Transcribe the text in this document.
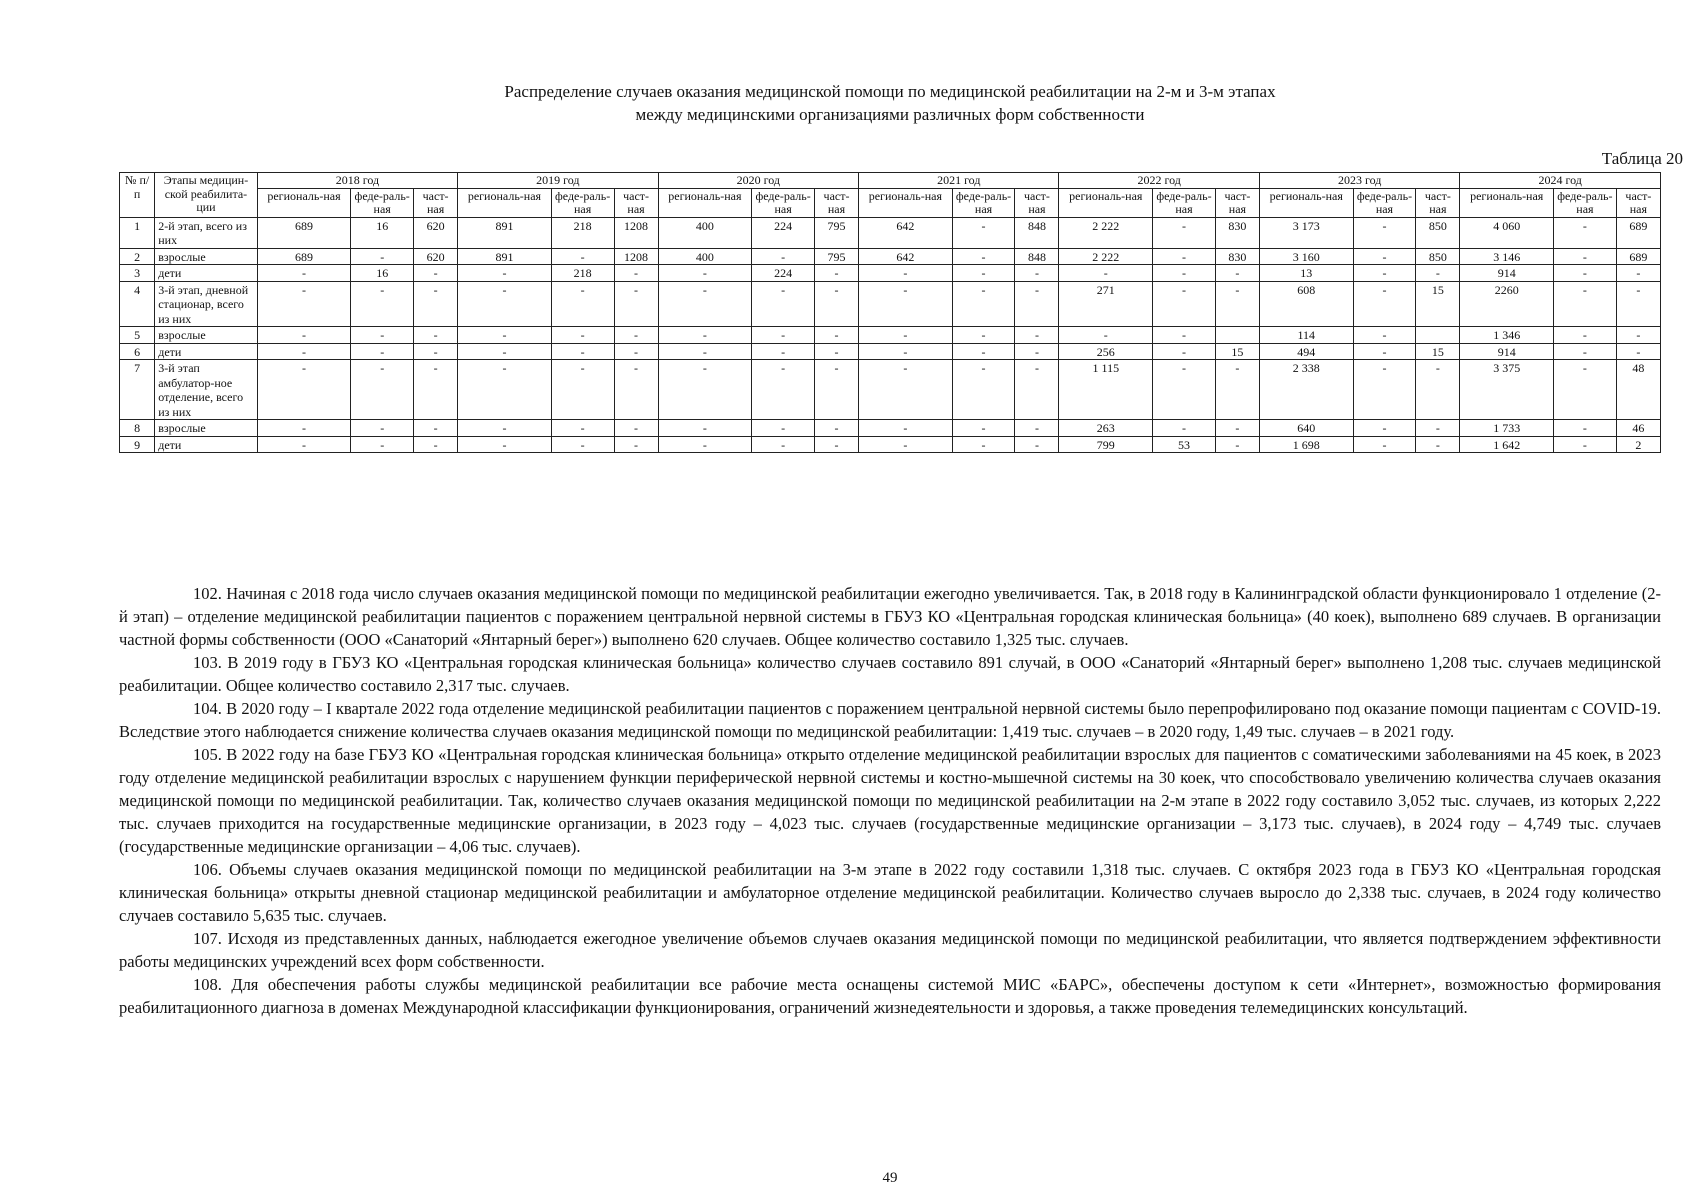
Распределение случаев оказания медицинской помощи по медицинской реабилитации на 2-м и 3-м этапах
между медицинскими организациями различных форм собственности
Таблица 20
№ п/п	Этапы медицин-ской реабилита-ции	2018 год			2019 год			2020 год			2021 год			2022 год			2023 год			2024 год		
		региональ-ная	феде-раль-ная	част-ная	региональ-ная	феде-раль-ная	част-ная	региональ-ная	феде-раль-ная	част-ная	региональ-ная	феде-раль-ная	част-ная	региональ-ная	феде-раль-ная	част-ная	региональ-ная	феде-раль-ная	част-ная	региональ-ная	феде-раль-ная	част-ная
1	2-й этап, всего из них	689	16	620	891	218	1208	400	224	795	642	-	848	2 222	-	830	3 173	-	850	4 060	-	689
2	взрослые	689	-	620	891	-	1208	400	-	795	642	-	848	2 222	-	830	3 160	-	850	3 146	-	689
3	дети	-	16	-	-	218	-	-	224	-	-	-	-	-	-	-	13	-	-	914	-	-
4	3-й этап, дневной стационар, всего из них	-	-	-	-	-	-	-	-	-	-	-	-	271	-	-	608	-	15	2260	-	-
5	взрослые	-	-	-	-	-	-	-	-	-	-	-	-	-	-		114	-		1 346	-	-
6	дети	-	-	-	-	-	-	-	-	-	-	-	-	256	-	15	494	-	15	914	-	-
7	3-й этап амбулатор-ное отделение, всего из них	-	-	-	-	-	-	-	-	-	-	-	-	1 115	-	-	2 338	-	-	3 375	-	48
8	взрослые	-	-	-	-	-	-	-	-	-	-	-	-	263	-	-	640	-	-	1 733	-	46
9	дети	-	-	-	-	-	-	-	-	-	-	-	-	799	53	-	1 698	-	-	1 642	-	2

102. Начиная с 2018 года число случаев оказания медицинской помощи по медицинской реабилитации ежегодно увеличивается. Так, в 2018 году в Калининградской области функционировало 1 отделение (2-й этап) – отделение медицинской реабилитации пациентов с поражением центральной нервной системы в ГБУЗ КО «Центральная городская клиническая больница» (40 коек), выполнено 689 случаев. В организации частной формы собственности (ООО «Санаторий «Янтарный берег») выполнено 620 случаев. Общее количество составило 1,325 тыс. случаев.

103. В 2019 году в ГБУЗ КО «Центральная городская клиническая больница» количество случаев составило 891 случай, в ООО «Санаторий «Янтарный берег» выполнено 1,208 тыс. случаев медицинской реабилитации. Общее количество составило 2,317 тыс. случаев.

104. В 2020 году – I квартале 2022 года отделение медицинской реабилитации пациентов с поражением центральной нервной системы было перепрофилировано под оказание помощи пациентам с COVID-19. Вследствие этого наблюдается снижение количества случаев оказания медицинской помощи по медицинской реабилитации: 1,419 тыс. случаев – в 2020 году, 1,49 тыс. случаев – в 2021 году.

105. В 2022 году на базе ГБУЗ КО «Центральная городская клиническая больница» открыто отделение медицинской реабилитации взрослых для пациентов с соматическими заболеваниями на 45 коек, в 2023 году отделение медицинской реабилитации взрослых с нарушением функции периферической нервной системы и костно-мышечной системы на 30 коек, что способствовало увеличению количества случаев оказания медицинской помощи по медицинской реабилитации. Так, количество случаев оказания медицинской помощи по медицинской реабилитации на 2-м этапе в 2022 году составило 3,052 тыс. случаев, из которых 2,222 тыс. случаев приходится на государственные медицинские организации, в 2023 году – 4,023 тыс. случаев (государственные медицинские организации – 3,173 тыс. случаев), в 2024 году – 4,749 тыс. случаев (государственные медицинские организации – 4,06 тыс. случаев).

106. Объемы случаев оказания медицинской помощи по медицинской реабилитации на 3-м этапе в 2022 году составили 1,318 тыс. случаев. С октября 2023 года в ГБУЗ КО «Центральная городская клиническая больница» открыты дневной стационар медицинской реабилитации и амбулаторное отделение медицинской реабилитации. Количество случаев выросло до 2,338 тыс. случаев, в 2024 году количество случаев составило 5,635 тыс. случаев.

107. Исходя из представленных данных, наблюдается ежегодное увеличение объемов случаев оказания медицинской помощи по медицинской реабилитации, что является подтверждением эффективности работы медицинских учреждений всех форм собственности.

108. Для обеспечения работы службы медицинской реабилитации все рабочие места оснащены системой МИС «БАРС», обеспечены доступом к сети «Интернет», возможностью формирования реабилитационного диагноза в доменах Международной классификации функционирования, ограничений жизнедеятельности и здоровья, а также проведения телемедицинских консультаций.

49
